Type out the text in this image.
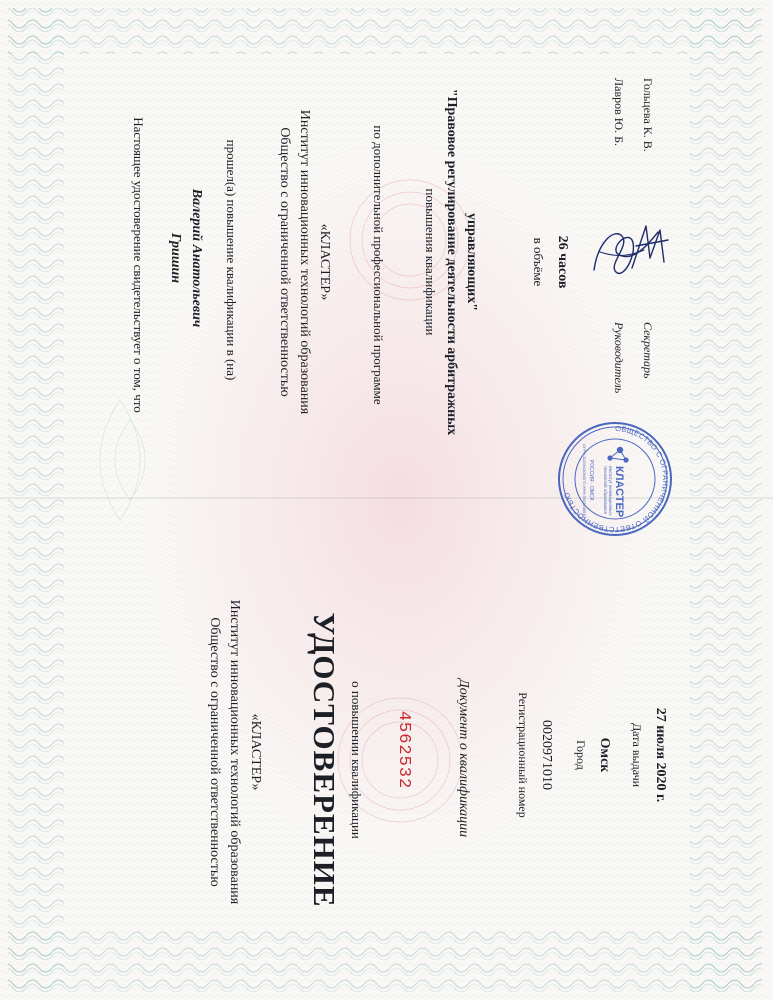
Общество с ограниченной ответственностью Институт инновационных технологий образования «КЛАСТЕР» УДОСТОВЕРЕНИЕ о повышении квалификации 4562532	Документ о квалификации	Регистрационный номер 0020971010 Город Омск Дата выдачи 27 июля 2020 г.
Настоящее удостоверение свидетельствует о том, что Гришин Валерий Анатольевич прошел(а) повышение квалификации в (на)	Общество с ограниченной ответственностью Институт инновационных технологий образования «КЛАСТЕР»	по дополнительной профессиональной программе	повышения квалификации "Правовое регулирование деятельности арбитражных управляющих"	в объёме 26 часов
Руководитель Секретарь
Лавров Ю. Б. Гольцева К. В.
ОБЩЕСТВО С ОГРАНИЧЕННОЙ ОТВЕТСТВЕННОСТЬЮ	КЛАСТЕР
Институт инновационных
технологий образования
РОССИЯ · ОМСК
ОГРН 1125543064070 ИНН 5503248510
